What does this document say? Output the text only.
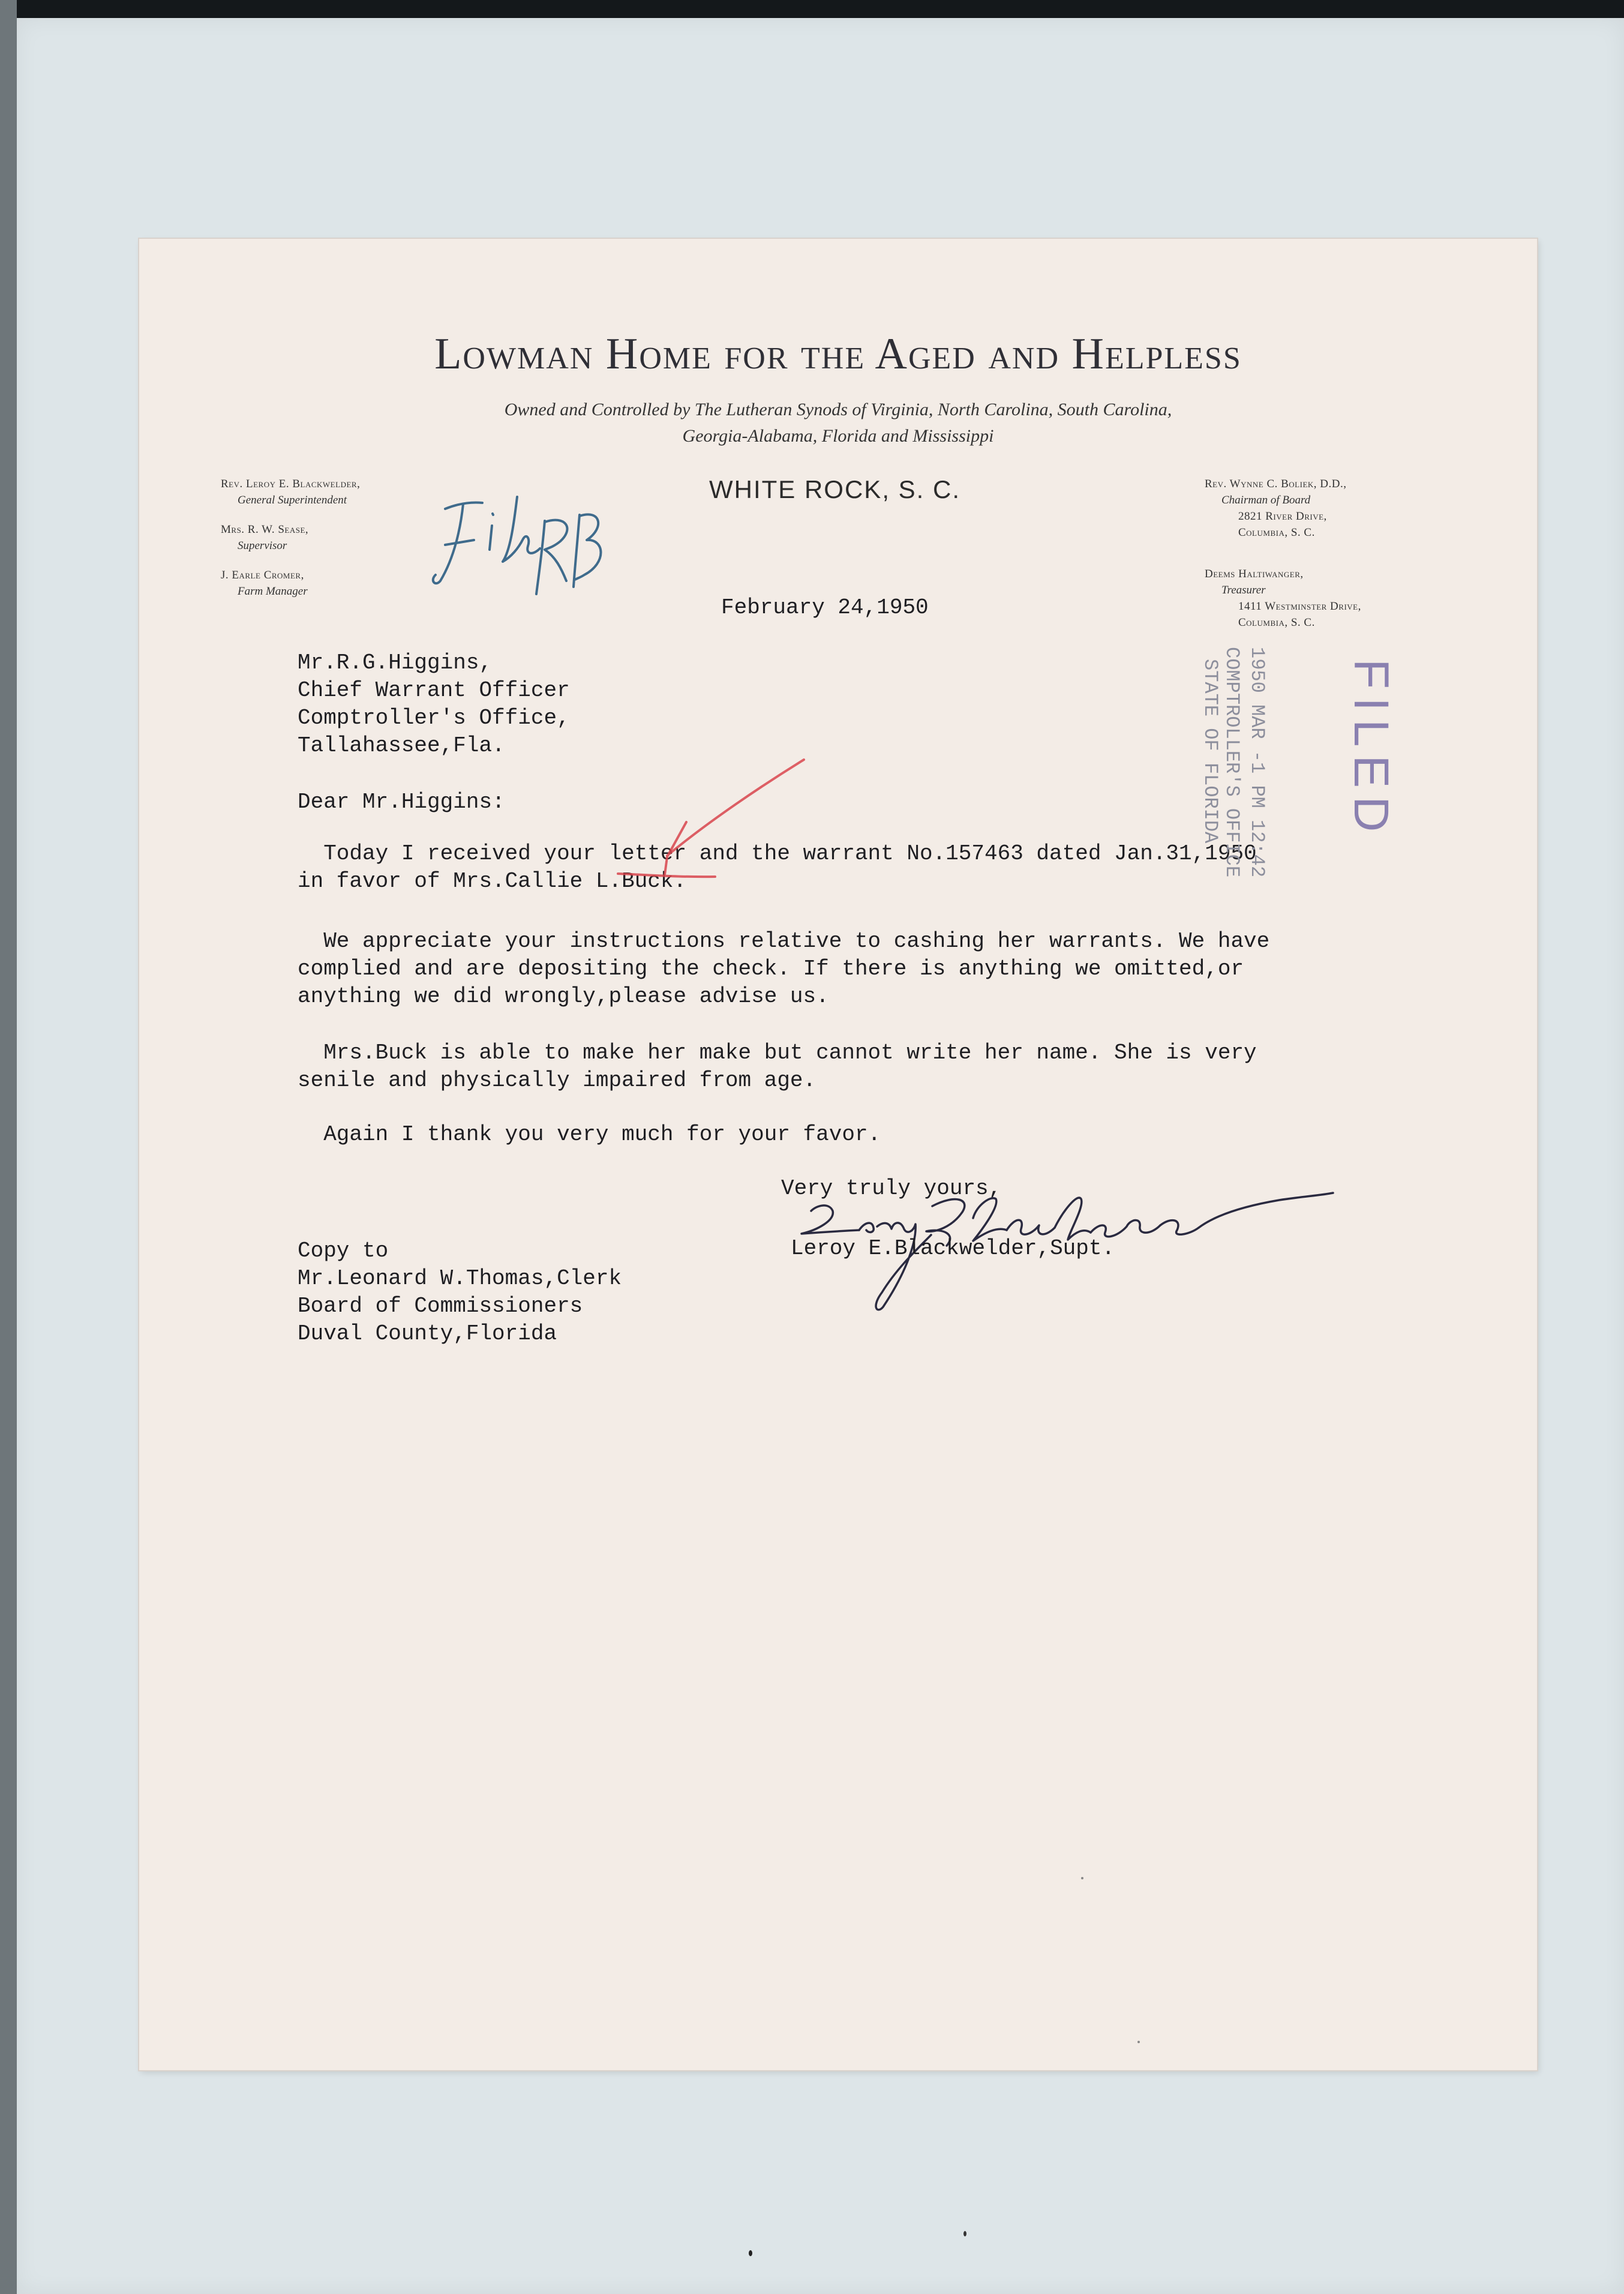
Lowman Home for the Aged and Helpless
Owned and Controlled by The Lutheran Synods of Virginia, North Carolina, South Carolina,
Georgia-Alabama, Florida and Mississippi
Rev. Leroy E. Blackwelder,
General Superintendent
Mrs. R. W. Sease,
Supervisor
J. Earle Cromer,
Farm Manager
WHITE ROCK, S. C.	Rev. Wynne C. Boliek, D.D.,
Chairman of Board
2821 River Drive,
Columbia, S. C.
Deems Haltiwanger,
Treasurer
1411 Westminster Drive,
Columbia, S. C.
February 24,1950
Mr.R.G.Higgins,
Chief Warrant Officer
Comptroller's Office,
Tallahassee,Fla.
Dear Mr.Higgins:
Today I received your letter and the warrant No.157463 dated Jan.31,1950
in favor of Mrs.Callie L.Buck.
We appreciate your instructions relative to cashing her warrants. We have
complied and are depositing the check. If there is anything we omitted,or
anything we did wrongly,please advise us.
Mrs.Buck is able to make her make but cannot write her name. She is very
senile and physically impaired from age.
Again I thank you very much for your favor.
Very truly yours,
Leroy E.Blackwelder,Supt.
Copy to
Mr.Leonard W.Thomas,Clerk
Board of Commissioners
Duval County,Florida

1950 MAR -1 PM 12:42

COMPTROLLER'S OFFICE

STATE OF FLORIDA

FILED
